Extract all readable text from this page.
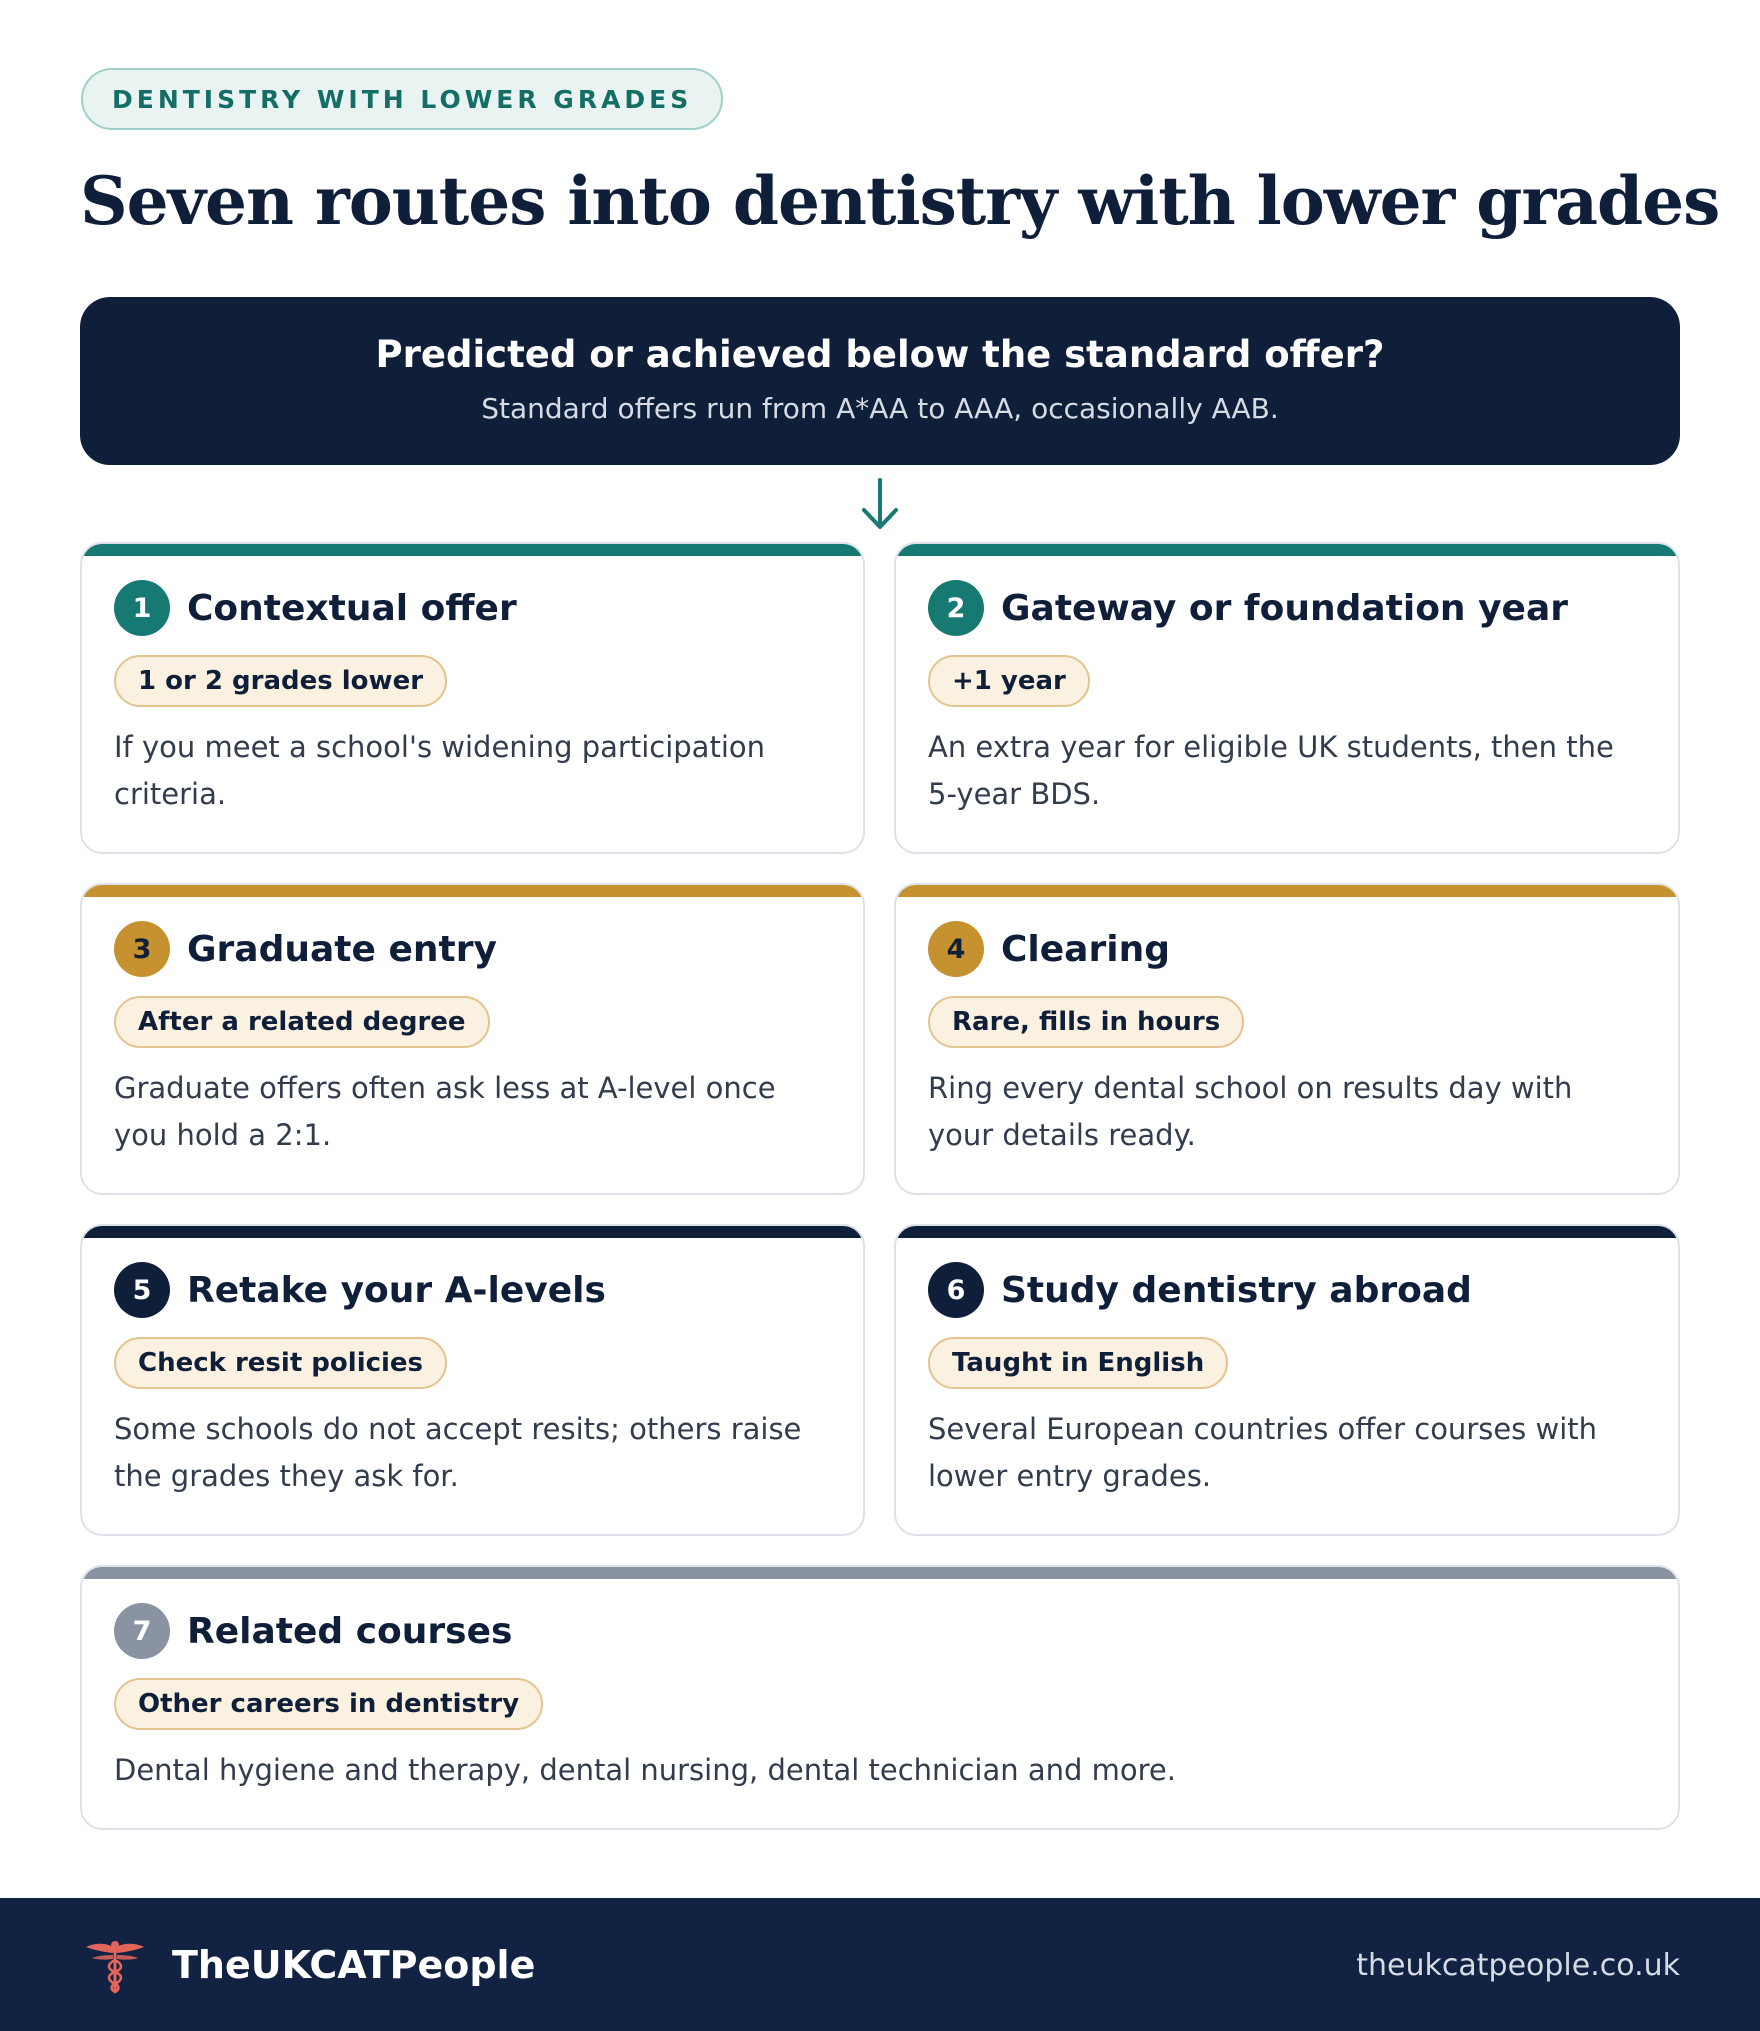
DENTISTRY WITH LOWER GRADES
Seven routes into dentistry with lower grades
Predicted or achieved below the standard offer?
Standard offers run from A*AA to AAA, occasionally AAB.
1 Contextual offer
1 or 2 grades lower
If you meet a school's widening participation criteria.
2 Gateway or foundation year
+1 year
An extra year for eligible UK students, then the 5-year BDS.
3 Graduate entry
After a related degree
Graduate offers often ask less at A-level once you hold a 2:1.
4 Clearing
Rare, fills in hours
Ring every dental school on results day with your details ready.
5 Retake your A-levels
Check resit policies
Some schools do not accept resits; others raise the grades they ask for.
6 Study dentistry abroad
Taught in English
Several European countries offer courses with lower entry grades.
7 Related courses
Other careers in dentistry
Dental hygiene and therapy, dental nursing, dental technician and more.
TheUKCATPeople	theukcatpeople.co.uk
